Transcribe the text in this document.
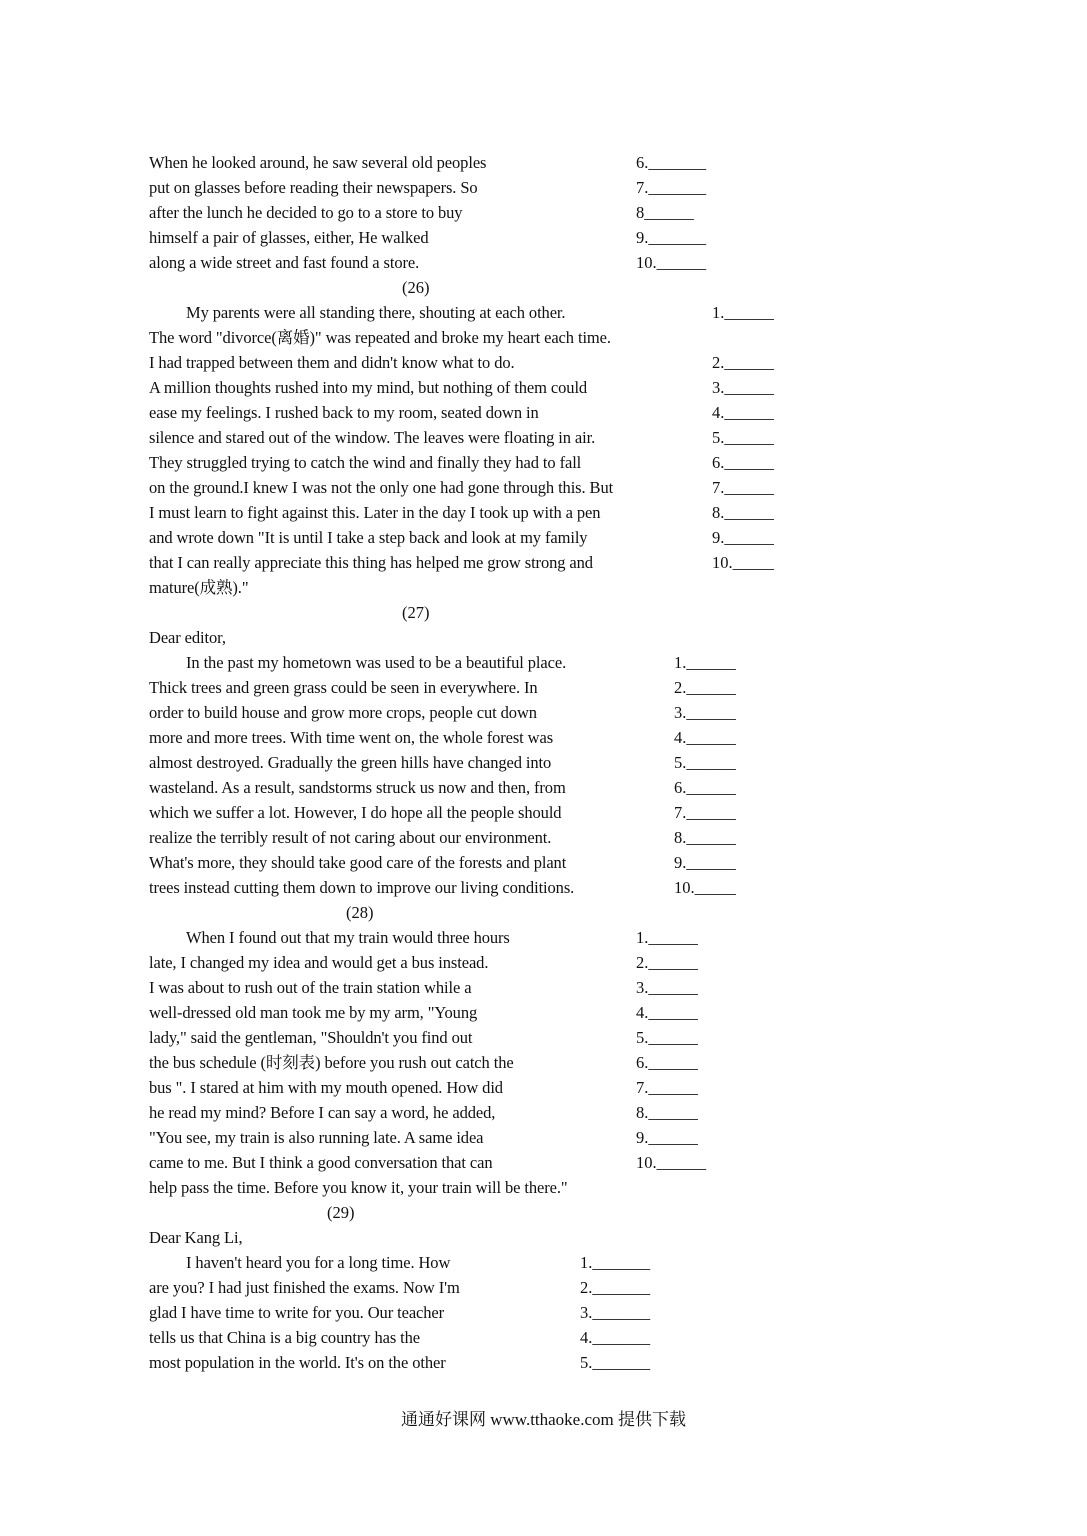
When he looked around, he saw several old peoples
put on glasses before reading their newspapers. So
after the lunch he decided to go to a store to buy
himself a pair of glasses, either, He walked
along a wide street and fast found a store.
6._______
7._______
8______
9._______
10.______
(26)
My parents were all standing there, shouting at each other.
The word "divorce(离婚)" was repeated and broke my heart each time.
I had trapped between them and didn't know what to do.
A million thoughts rushed into my mind, but nothing of them could
ease my feelings. I rushed back to my room, seated down in
silence and stared out of the window. The leaves were floating in air.
They struggled trying to catch the wind and finally they had to fall
on the ground.I knew I was not the only one had gone through this. But
I must learn to fight against this. Later in the day I took up with a pen
and wrote down "It is until I take a step back and look at my family
that I can really appreciate this thing has helped me grow strong and
mature(成熟)."
1.______
2.______
3.______
4.______
5.______
6.______
7.______
8.______
9.______
10._____
(27)
Dear editor,
In the past my hometown was used to be a beautiful place.
Thick trees and green grass could be seen in everywhere. In
order to build house and grow more crops, people cut down
more and more trees. With time went on, the whole forest was
almost destroyed. Gradually the green hills have changed into
wasteland. As a result, sandstorms struck us now and then, from
which we suffer a lot. However, I do hope all the people should
realize the terribly result of not caring about our environment.
What's more, they should take good care of the forests and plant
trees instead cutting them down to improve our living conditions.
1.______
2.______
3.______
4.______
5.______
6.______
7.______
8.______
9.______
10._____
(28)
When I found out that my train would three hours
late, I changed my idea and would get a bus instead.
I was about to rush out of the train station while a
well-dressed old man took me by my arm, "Young
lady," said the gentleman, "Shouldn't you find out
the bus schedule (时刻表) before you rush out catch the
bus ". I stared at him with my mouth opened. How did
he read my mind? Before I can say a word, he added,
"You see, my train is also running late. A same idea
came to me. But I think a good conversation that can
help pass the time. Before you know it, your train will be there."
1.______
2.______
3.______
4.______
5.______
6.______
7.______
8.______
9.______
10.______
(29)
Dear Kang Li,
I haven't heard you for a long time. How
are you? I had just finished the exams. Now I'm
glad I have time to write for you. Our teacher
tells us that China is a big country has the
most population in the world. It's on the other
1._______
2._______
3._______
4._______
5._______
通通好课网 www.tthaoke.com 提供下载
